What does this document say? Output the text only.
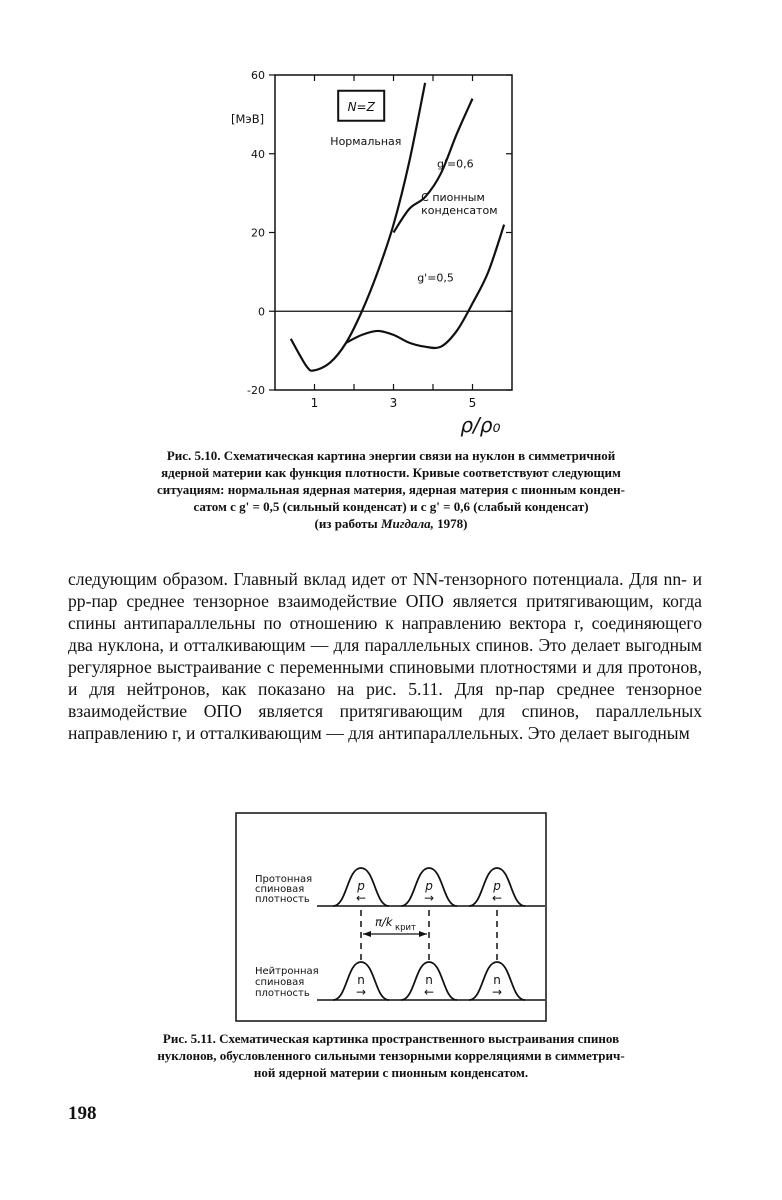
60
40
20
0
-20
1	3	5
[МэВ]
ρ/ρ₀
N=Z
Нормальная
g'=0,6
С пионным
конденсатом
g'=0,5
Рис. 5.10. Схематическая картина энергии связи на нуклон в симметричной
ядерной материи как функция плотности. Кривые соответствуют следующим
ситуациям: нормальная ядерная материя, ядерная материя с пионным конден-
сатом с g' = 0,5 (сильный конденсат) и с g' = 0,6 (слабый конденсат)
(из работы Мигдала, 1978)
следующим образом. Главный вклад идет от NN-тензорного потенциала. Для nn- и pp-пар среднее тензорное взаимодействие ОПО является притягивающим, когда спины антипараллельны по отношению к направлению вектора r, соединяющего два нуклона, и отталкивающим — для параллельных спинов. Это делает выгодным регулярное выстраивание с переменными спиновыми плотностями и для протонов, и для нейтронов, как показано на рис. 5.11. Для np-пар среднее тензорное взаимодействие ОПО является притягивающим для спинов, параллельных направлению r, и отталкивающим — для антипараллельных. Это делает выгодным
p
n
←
→
p
n
→
←
p
n
←
→
π/k крит
Протонная
спиновая
плотность
Нейтронная
спиновая
плотность
Рис. 5.11. Схематическая картинка пространственного выстраивания спинов
нуклонов, обусловленного сильными тензорными корреляциями в симметрич-
ной ядерной материи с пионным конденсатом.
198
